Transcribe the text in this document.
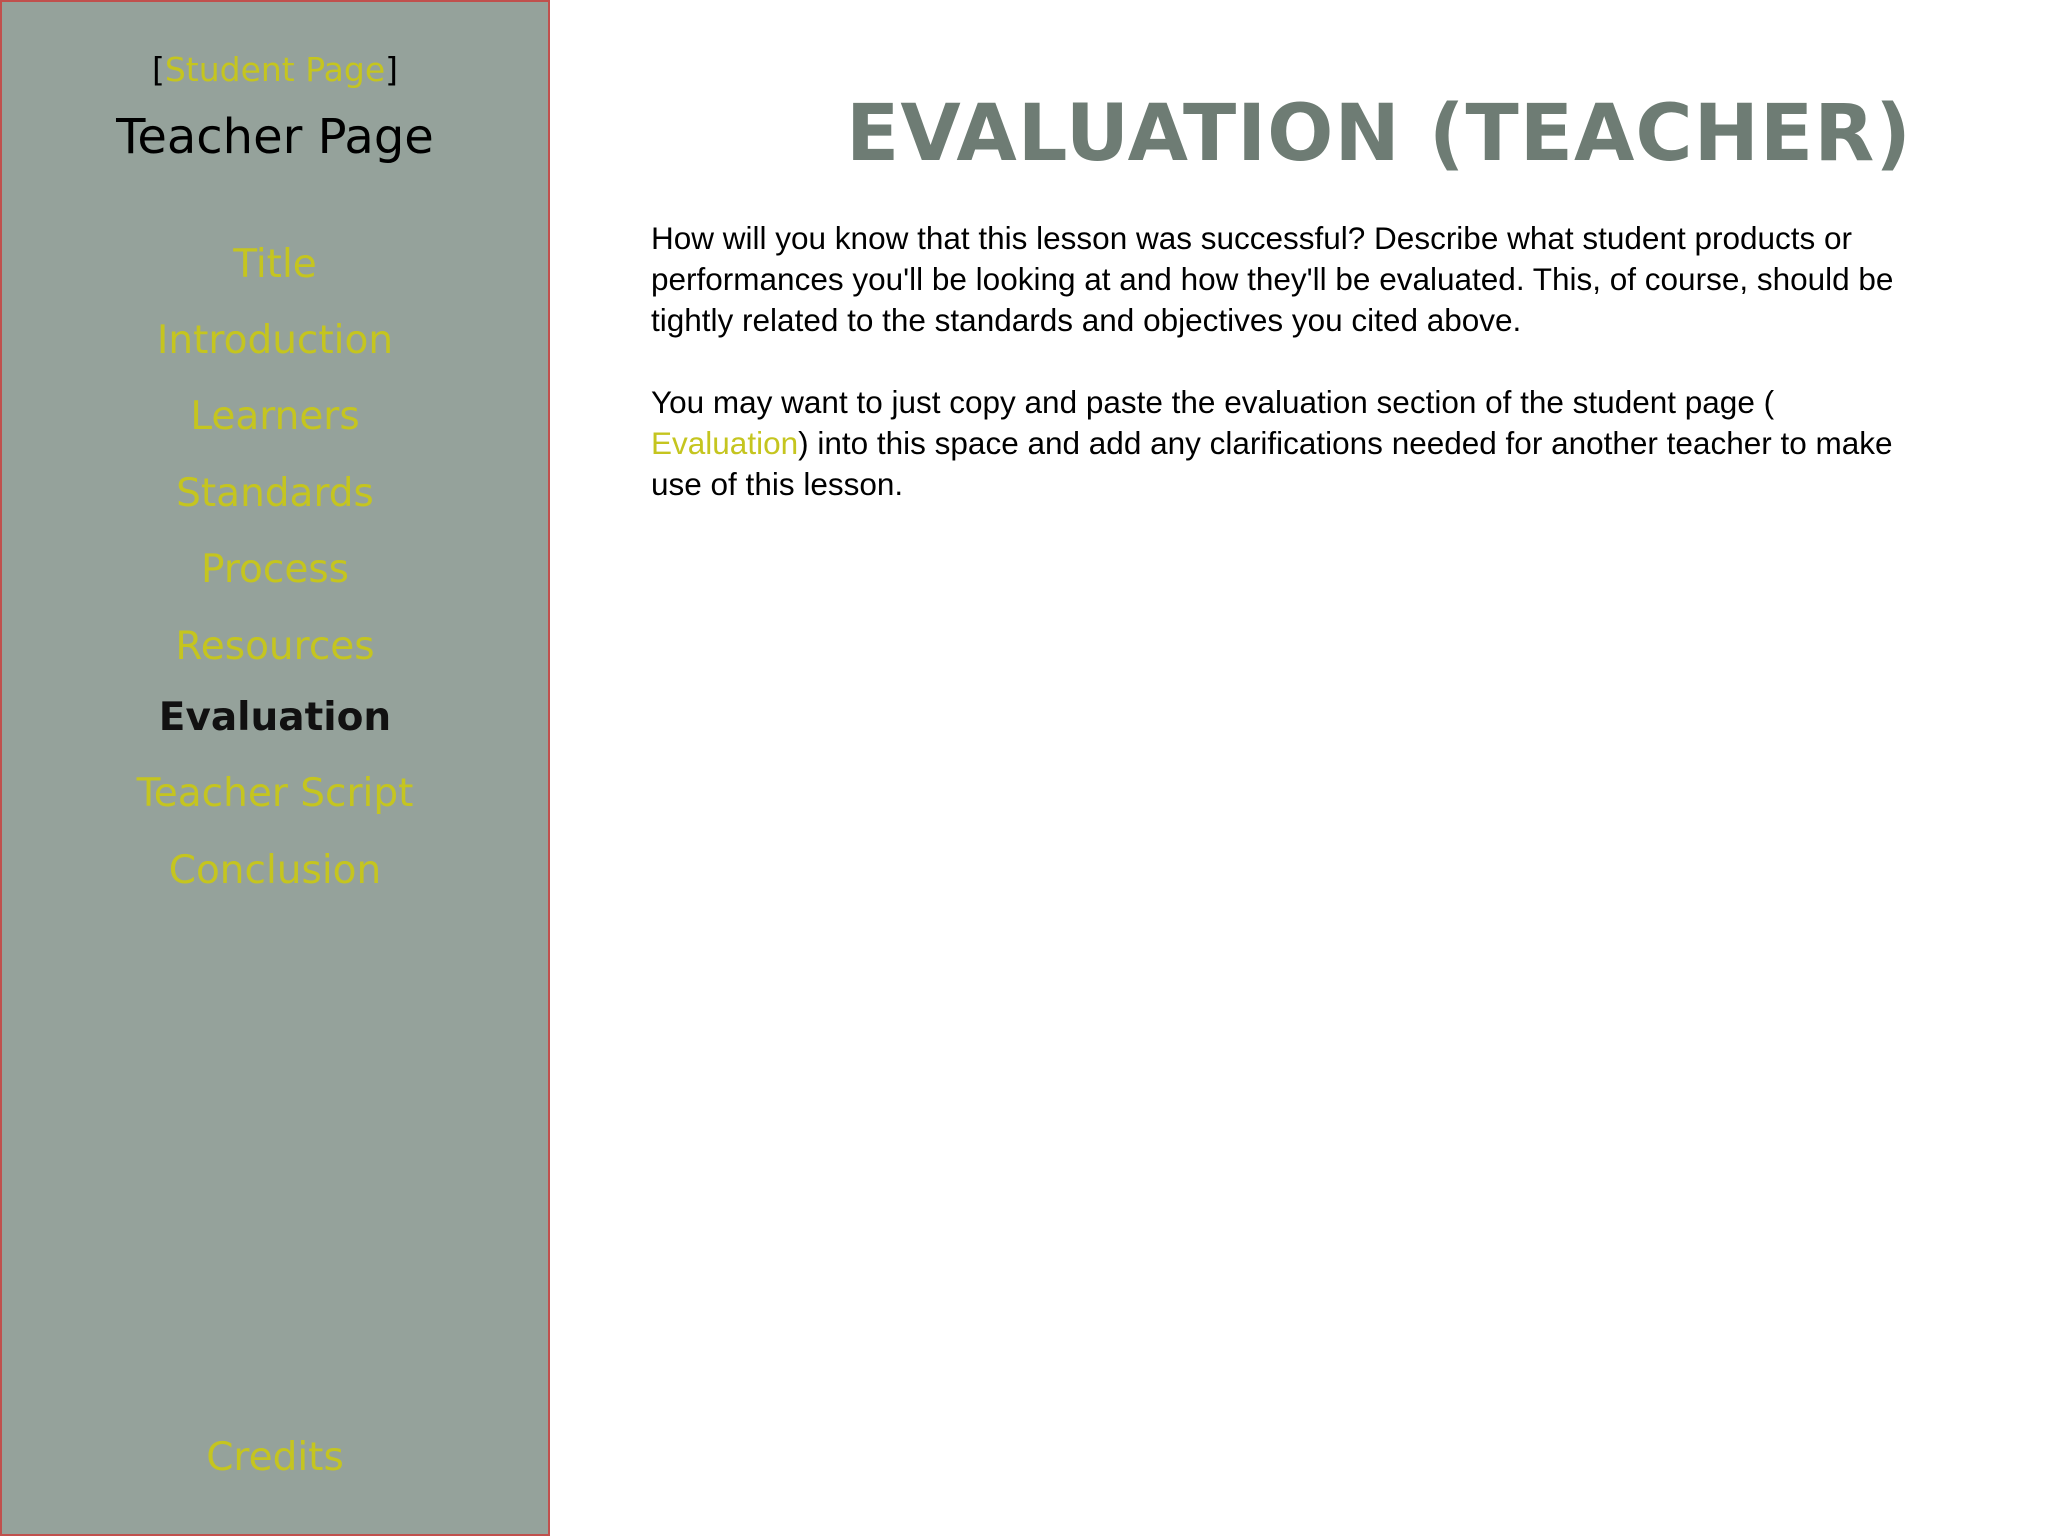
[Student Page]
Teacher Page
Title
Introduction
Learners
Standards
Process
Resources
Evaluation
Teacher Script
Conclusion
Credits
EVALUATION (TEACHER)

How will you know that this lesson was successful? Describe what student products or performances you'll be looking at and how they'll be evaluated. This, of course, should be tightly related to the standards and objectives you cited above.

You may want to just copy and paste the evaluation section of the student page (
Evaluation) into this space and add any clarifications needed for another teacher to make use of this lesson.
